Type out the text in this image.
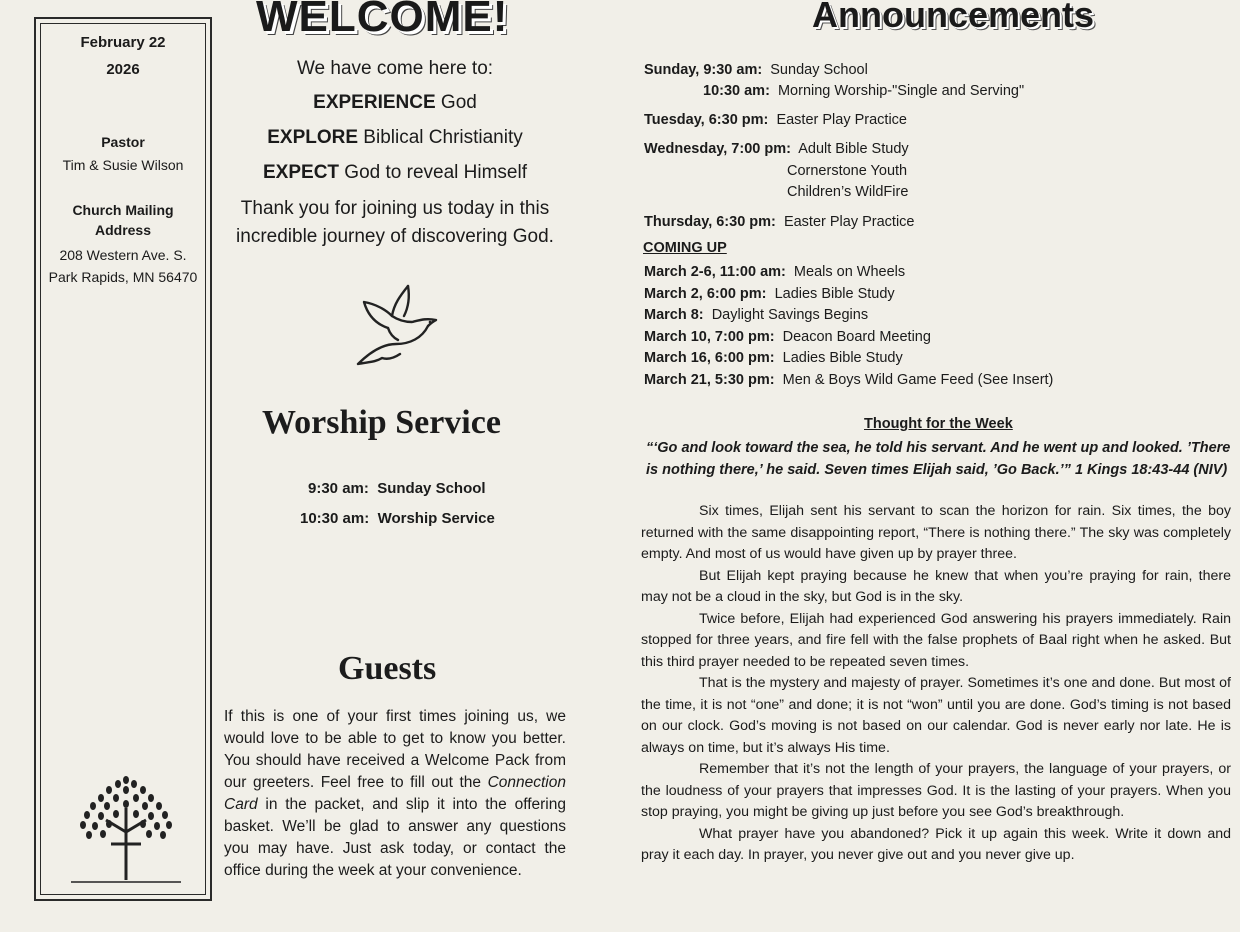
February 22
2026
Pastor
Tim & Susie Wilson
Church Mailing
Address
208 Western Ave. S.
Park Rapids, MN 56470
WELCOME!
We have come here to:
EXPERIENCE God
EXPLORE Biblical Christianity
EXPECT God to reveal Himself
Thank you for joining us today in this
incredible journey of discovering God.
Worship Service
9:30 am: Sunday School
10:30 am: Worship Service
Guests
If this is one of your first times joining us, we would love to be able to get to know you better. You should have received a Welcome Pack from our greeters. Feel free to fill out the Connection Card in the packet, and slip it into the offering basket. We’ll be glad to answer any questions you may have. Just ask today, or contact the office during the week at your convenience.
Announcements
Sunday, 9:30 am: Sunday School
10:30 am: Morning Worship-"Single and Serving"
Tuesday, 6:30 pm: Easter Play Practice
Wednesday, 7:00 pm: Adult Bible Study
Cornerstone Youth
Children’s WildFire
Thursday, 6:30 pm: Easter Play Practice
COMING UP
March 2-6, 11:00 am: Meals on Wheels
March 2, 6:00 pm: Ladies Bible Study
March 8: Daylight Savings Begins
March 10, 7:00 pm: Deacon Board Meeting
March 16, 6:00 pm: Ladies Bible Study
March 21, 5:30 pm: Men & Boys Wild Game Feed (See Insert)
Thought for the Week
“‘Go and look toward the sea, he told his servant. And he went up and looked. ’There is nothing there,’ he said. Seven times Elijah said, ’Go Back.’” 1 Kings 18:43-44 (NIV)

Six times, Elijah sent his servant to scan the horizon for rain. Six times, the boy returned with the same disappointing report, “There is nothing there.” The sky was completely empty. And most of us would have given up by prayer three.

But Elijah kept praying because he knew that when you’re praying for rain, there may not be a cloud in the sky, but God is in the sky.

Twice before, Elijah had experienced God answering his prayers immediately. Rain stopped for three years, and fire fell with the false prophets of Baal right when he asked. But this third prayer needed to be repeated seven times.

That is the mystery and majesty of prayer. Sometimes it’s one and done. But most of the time, it is not “one” and done; it is not “won” until you are done. God’s timing is not based on our clock. God’s moving is not based on our calendar. God is never early nor late. He is always on time, but it’s always His time.

Remember that it’s not the length of your prayers, the language of your prayers, or the loudness of your prayers that impresses God. It is the lasting of your prayers. When you stop praying, you might be giving up just before you see God’s breakthrough.

What prayer have you abandoned? Pick it up again this week. Write it down and pray it each day. In prayer, you never give out and you never give up.
